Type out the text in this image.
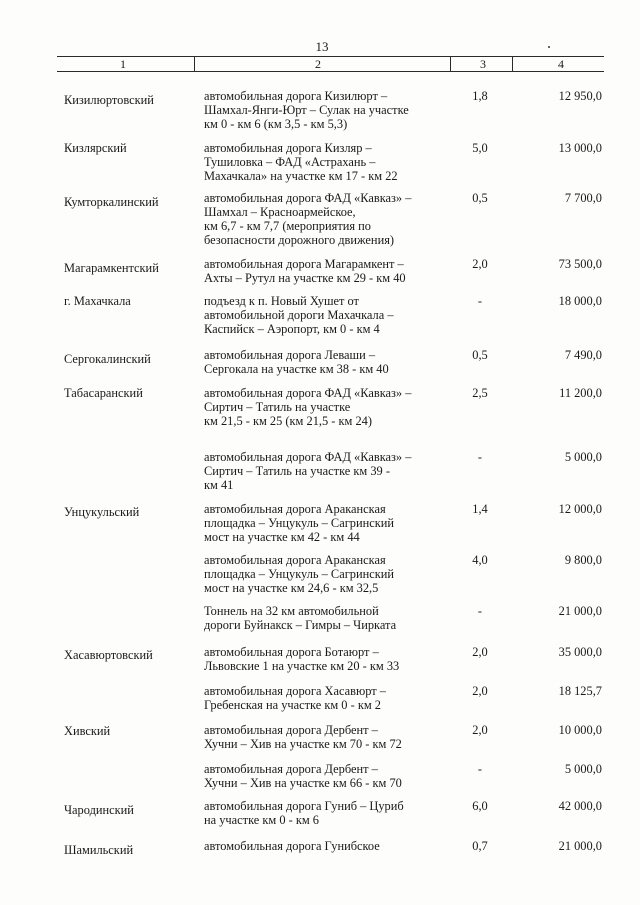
13
1	2	3	4
Кизилюртовский	автомобильная дорога Кизилюрт –
Шамхал-Янги-Юрт – Сулак на участке
км 0 - км 6 (км 3,5 - км 5,3)
1,8	12 950,0
Кизлярский	автомобильная дорога Кизляр –
Тушиловка – ФАД «Астрахань –
Махачкала» на участке км 17 - км 22
5,0	13 000,0
Кумторкалинский	автомобильная дорога ФАД «Кавказ» –
Шамхал – Красноармейское,
км 6,7 - км 7,7 (мероприятия по
безопасности дорожного движения)
0,5	7 700,0
Магарамкентский	автомобильная дорога Магарамкент –
Ахты – Рутул на участке км 29 - км 40
2,0	73 500,0
г. Махачкала	подъезд к п. Новый Хушет от
автомобильной дороги Махачкала –
Каспийск – Аэропорт, км 0 - км 4
-	18 000,0
Сергокалинский	автомобильная дорога Леваши –
Сергокала на участке км 38 - км 40
0,5	7 490,0
Табасаранский	автомобильная дорога ФАД «Кавказ» –
Сиртич – Татиль на участке
км 21,5 - км 25 (км 21,5 - км 24)
2,5	11 200,0
автомобильная дорога ФАД «Кавказ» –
Сиртич – Татиль на участке км 39 -
км 41
-	5 000,0
Унцукульский	автомобильная дорога Араканская
площадка – Унцукуль – Сагринский
мост на участке км 42 - км 44
1,4	12 000,0
автомобильная дорога Араканская
площадка – Унцукуль – Сагринский
мост на участке км 24,6 - км 32,5
4,0	9 800,0
Тоннель на 32 км автомобильной
дороги Буйнакск – Гимры – Чирката
-	21 000,0
Хасавюртовский	автомобильная дорога Ботаюрт –
Львовские 1 на участке км 20 - км 33
2,0	35 000,0
автомобильная дорога Хасавюрт –
Гребенская на участке км 0 - км 2
2,0	18 125,7
Хивский	автомобильная дорога Дербент –
Хучни – Хив на участке км 70 - км 72
2,0	10 000,0
автомобильная дорога Дербент –
Хучни – Хив на участке км 66 - км 70
-	5 000,0
Чародинский	автомобильная дорога Гуниб – Цуриб
на участке км 0 - км 6
6,0	42 000,0
Шамильский	автомобильная дорога Гунибское	0,7	21 000,0
